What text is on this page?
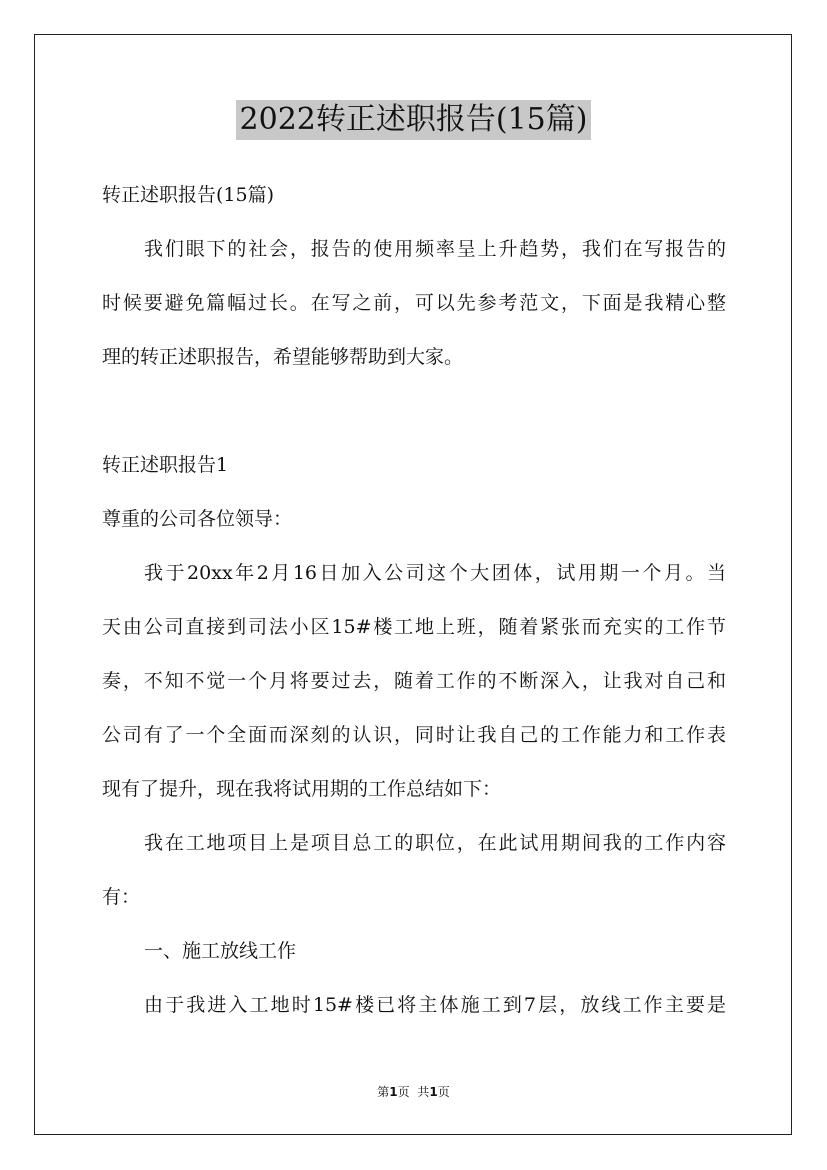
2022转正述职报告(15篇)
转正述职报告(15篇)
我们眼下的社会，报告的使用频率呈上升趋势，我们在写报告的
时候要避免篇幅过长。在写之前，可以先参考范文，下面是我精心整
理的转正述职报告，希望能够帮助到大家。
转正述职报告1
尊重的公司各位领导：
我于20xx年2月16日加入公司这个大团体，试用期一个月。当
天由公司直接到司法小区15#楼工地上班，随着紧张而充实的工作节
奏，不知不觉一个月将要过去，随着工作的不断深入，让我对自己和
公司有了一个全面而深刻的认识，同时让我自己的工作能力和工作表
现有了提升，现在我将试用期的工作总结如下：
我在工地项目上是项目总工的职位，在此试用期间我的工作内容
有：
一、施工放线工作
由于我进入工地时15#楼已将主体施工到7层，放线工作主要是
第1页 共1页
